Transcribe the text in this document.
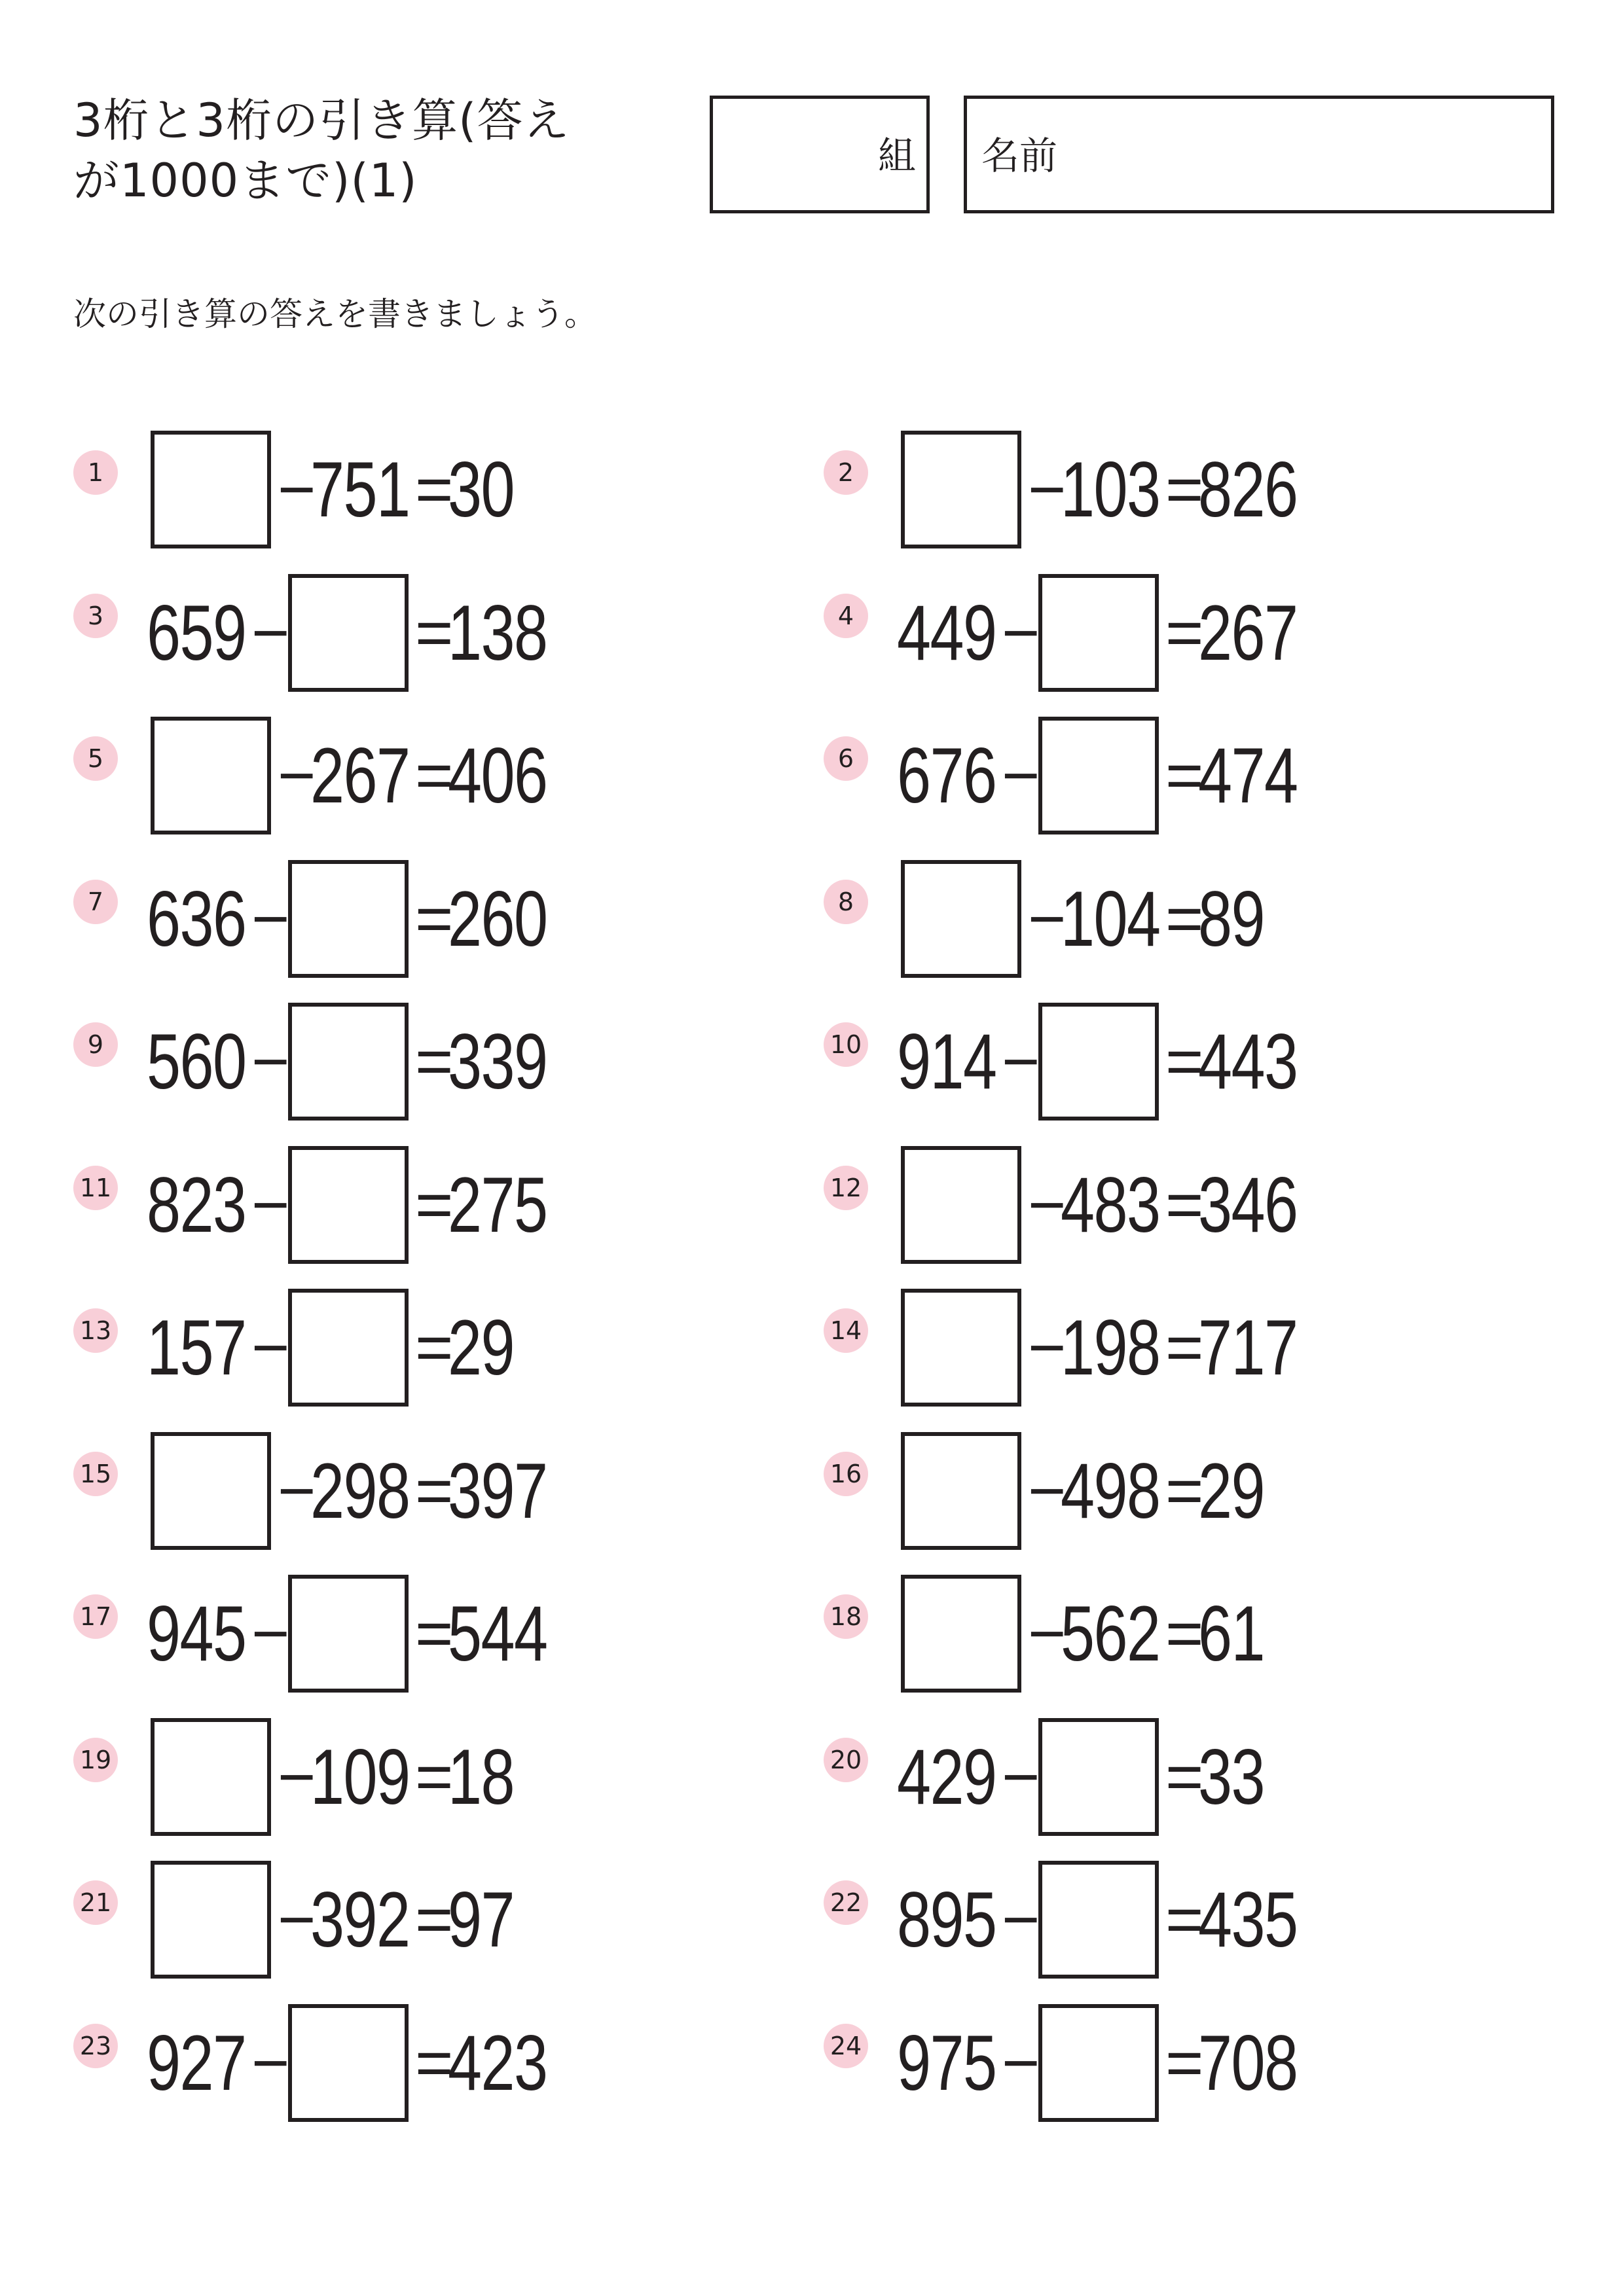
3桁と3桁の引き算(答え
が1000まで)(1)	組 名前
次の引き算の答えを書きましょう。
1	−
751 =
30	2	−
103 =
826
3 659 − =
138	4 449 − =
267
5	−
267 =
406	6 676 − =
474
7 636 − =
260	8	−
104 =
89
9 560 − =
339	10 914 − =
443
11 823 − =
275	12	−
483 =
346
13 157 − =
29	14	−
198 =
717
15	−
298 =
397	16	−
498 =
29
17 945 − =
544	18	−
562 =
61
19	−
109 =
18	20 429 − =
33
21	−
392 =
97	22 895 − =
435
23 927 − =
423	24 975 − =
708
